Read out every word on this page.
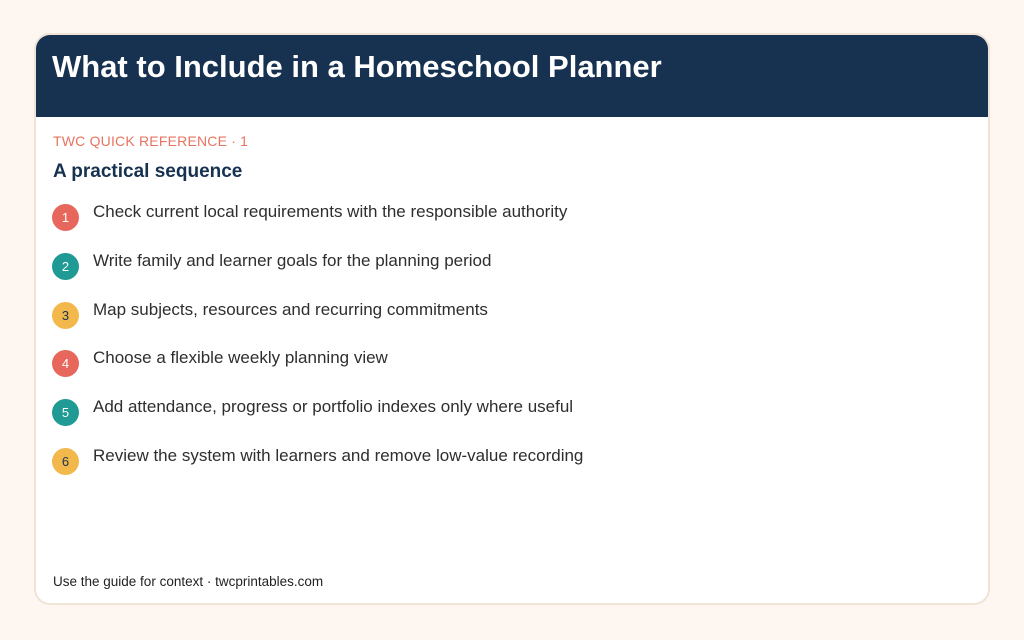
What to Include in a Homeschool Planner
TWC QUICK REFERENCE · 1
A practical sequence
1	Check current local requirements with the responsible authority
2	Write family and learner goals for the planning period
3	Map subjects, resources and recurring commitments
4	Choose a flexible weekly planning view
5	Add attendance, progress or portfolio indexes only where useful
6	Review the system with learners and remove low-value recording
Use the guide for context · twcprintables.com
